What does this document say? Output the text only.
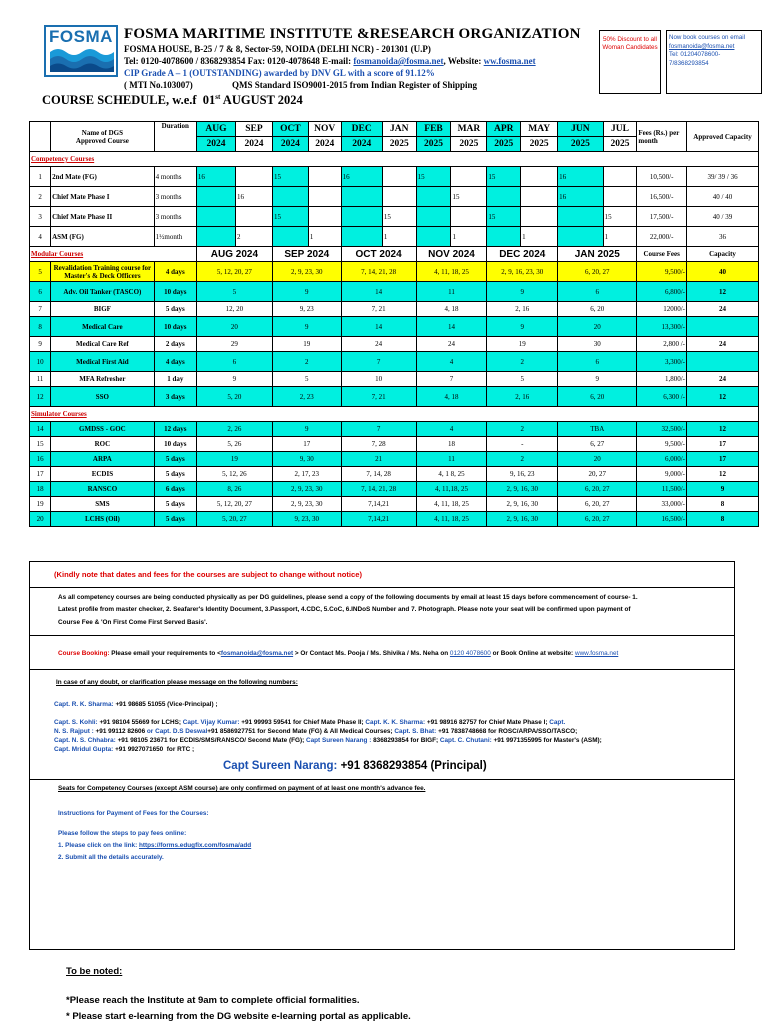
FOSMA FOSMA MARITIME INSTITUTE &RESEARCH ORGANIZATION
FOSMA HOUSE, B-25 / 7 & 8, Sector-59, NOIDA (DELHI NCR) - 201301 (U.P)
Tel: 0120-4078600 / 8368293854 Fax: 0120-4078648 E-mail: fosmanoida@fosma.net, Website: ww.fosma.net
CIP Grade A – 1 (OUTSTANDING) awarded by DNV GL with a score of 91.12%
( MTI No.103007)	QMS Standard ISO9001-2015 from Indian Register of Shipping
50% Discount to all Woman Candidates
Now book courses on email
fosmanoida@fosma.net
Tel: 01204078600-7/8368293854
COURSE SCHEDULE, w.e.f  01st AUGUST 2024

	Name of DGS
Approved Course	Duration	AUG	SEP	OCT	NOV	DEC	JAN	FEB	MAR	APR	MAY	JUN	JUL	Fees (Rs.) per month	Approved Capacity
			2024	2024	2024	2024	2024	2025	2025	2025	2025	2025	2025	2025		
Competency Courses																
1	2nd Mate (FG)	4 months	16		15		16		15		15		16		10,500/-	39/ 39 / 36
2	Chief Mate Phase I	3 months		16						15			16		16,500/-	40 / 40
3	Chief Mate Phase II	3 months			15			15			15			15	17,500/-	40 / 39
4	ASM (FG)	1½month		2		1		1		1		1		1	22,000/-	36
Modular Courses			AUG 2024		SEP 2024		OCT 2024		NOV 2024		DEC 2024		JAN 2025		Course Fees	Capacity
5	Revalidation Training course for Master's & Deck Officers	4 days	5, 12, 20, 27		2, 9, 23, 30		7, 14, 21, 28		4, 11, 18, 25		2, 9, 16, 23, 30		6, 20, 27		9,500/-	40
6	Adv. Oil Tanker (TASCO)	10 days	5		9		14		11		9		6		6,800/-	12
7	BIGF	5 days	12, 20		9, 23		7, 21		4, 18		2, 16		6, 20		12000/-	24
8	Medical Care	10 days	20		9		14		14		9		20		13,300/-	
9	Medical Care Ref	2 days	29		19		24		24		19		30		2,800 /-	24
10	Medical First Aid	4 days	6		2		7		4		2		6		3,300/-	
11	MFA Refresher	1 day	9		5		10		7		5		9		1,800/-	24
12	SSO	3 days	5, 20		2, 23		7, 21		4, 18		2, 16		6, 20		6,300 /-	12
Simulator Courses																
14	GMDSS - GOC	12 days	2, 26		9		7		4		2		TBA		32,500/-	12
15	ROC	10 days	5, 26		17		7, 28		18		-		6, 27		9,500/-	17
16	ARPA	5 days	19		9, 30		21		11		2		20		6,000/-	17
17	ECDIS	5 days	5, 12, 26		2, 17, 23		7, 14, 28		4, 1 8, 25		9, 16, 23		20, 27		9,000/-	12
18	RANSCO	6 days	8, 26		2, 9, 23, 30		7, 14, 21, 28		4, 11,18, 25		2, 9, 16, 30		6, 20, 27		11,500/-	9
19	SMS	5 days	5, 12, 20, 27		2, 9, 23, 30		7,14,21		4, 11, 18, 25		2, 9, 16, 30		6, 20, 27		33,000/-	8
20	LCHS (Oil)	5 days	5, 20, 27		9, 23, 30		7,14,21		4, 11, 18, 25		2, 9, 16, 30		6, 20, 27		16,500/-	8
(Kindly note that dates and fees for the courses are subject to change without notice)
As all competency courses are being conducted physically as per DG guidelines, please send a copy of the following documents by email at least 15 days before commencement of course- 1.
Latest profile from master checker, 2. Seafarer's Identity Document, 3.Passport, 4.CDC, 5.CoC, 6.INDoS Number and 7. Photograph. Please note your seat will be confirmed upon payment of
Course Fee & 'On First Come First Served Basis'.
Course Booking: Please email your requirements to <fosmanoida@fosma.net > Or Contact Ms. Pooja / Ms. Shivika / Ms. Neha on 0120 4078600 or Book Online at website: www.fosma.net
In case of any doubt, or clarification please message on the following numbers:
Capt. R. K. Sharma: +91 98685 51055 (Vice-Principal) ;
Capt. S. Kohli: +91 98104 55669 for LCHS; Capt. Vijay Kumar: +91 99993 59541 for Chief Mate Phase II; Capt. K. K. Sharma: +91 98916 82757 for Chief Mate Phase I; Capt.
N. S. Rajput : +91 99112 82606 or Capt. D.S Deswal+91 8586927751 for Second Mate (FG) & All Medical Courses; Capt. S. Bhat: +91 7838748668 for ROSC/ARPA/SSO/TASCO;
Capt. N. S. Chhabra: +91 98105 23671 for ECDIS/SMS/RANSCO/ Second Mate (FG); Capt Sureen Narang : 8368293854 for BIGF; Capt. C. Chutani: +91 9971355995 for Master's (ASM);
Capt. Mridul Gupta: +91 9927071650  for RTC ;
Capt Sureen Narang: +91 8368293854 (Principal)
Seats for Competency Courses (except ASM course) are only confirmed on payment of at least one month's advance fee.
Instructions for Payment of Fees for the Courses:
Please follow the steps to pay fees online:
1. Please click on the link: https://forms.edugfix.com/fosma/add
2. Submit all the details accurately.
To be noted:
*Please reach the Institute at 9am to complete official formalities.
* Please start e-learning from the DG website e-learning portal as applicable.
